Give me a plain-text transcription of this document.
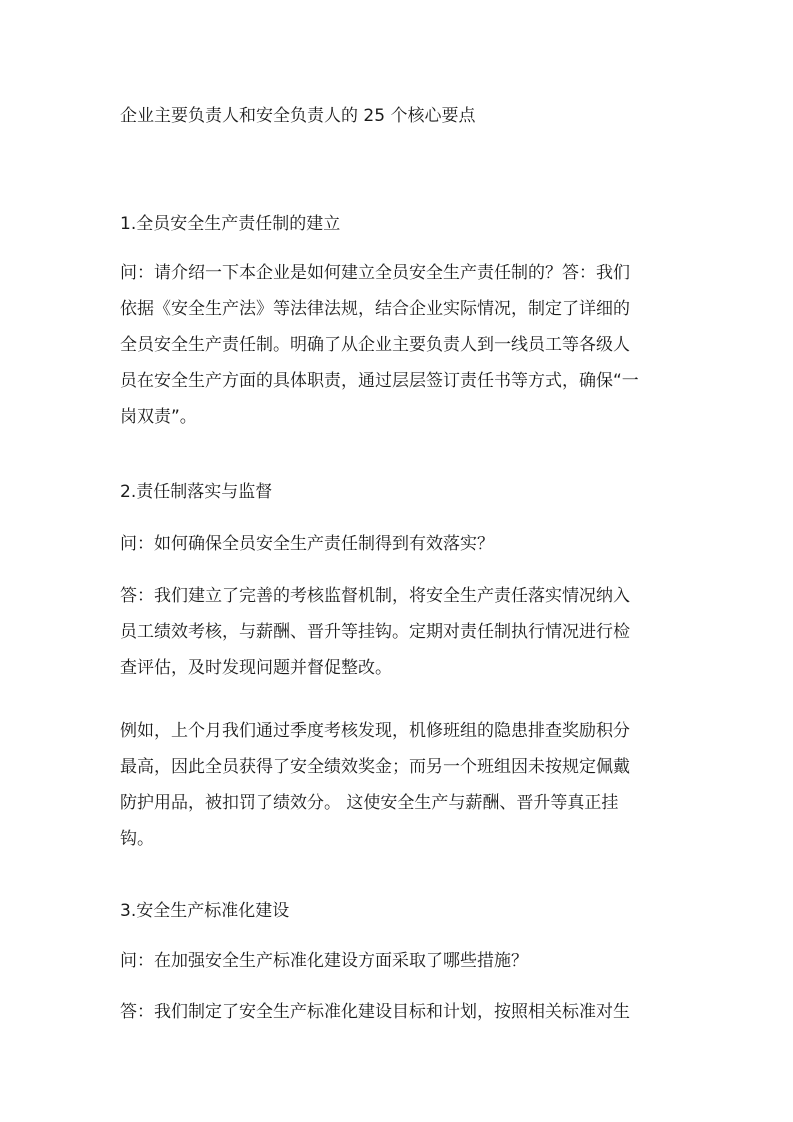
企业主要负责人和安全负责人的 25 个核心要点

1.全员安全生产责任制的建立

问：请介绍一下本企业是如何建立全员安全生产责任制的？答：我们
依据《安全生产法》等法律法规，结合企业实际情况，制定了详细的
全员安全生产责任制。明确了从企业主要负责人到一线员工等各级人
员在安全生产方面的具体职责，通过层层签订责任书等方式，确保“一
岗双责”。

2.责任制落实与监督

问：如何确保全员安全生产责任制得到有效落实？

答：我们建立了完善的考核监督机制，将安全生产责任落实情况纳入
员工绩效考核，与薪酬、晋升等挂钩。定期对责任制执行情况进行检
查评估，及时发现问题并督促整改。

例如，上个月我们通过季度考核发现，机修班组的隐患排查奖励积分
最高，因此全员获得了安全绩效奖金；而另一个班组因未按规定佩戴
防护用品，被扣罚了绩效分。 这使安全生产与薪酬、晋升等真正挂
钩。

3.安全生产标准化建设

问：在加强安全生产标准化建设方面采取了哪些措施？

答：我们制定了安全生产标准化建设目标和计划，按照相关标准对生
